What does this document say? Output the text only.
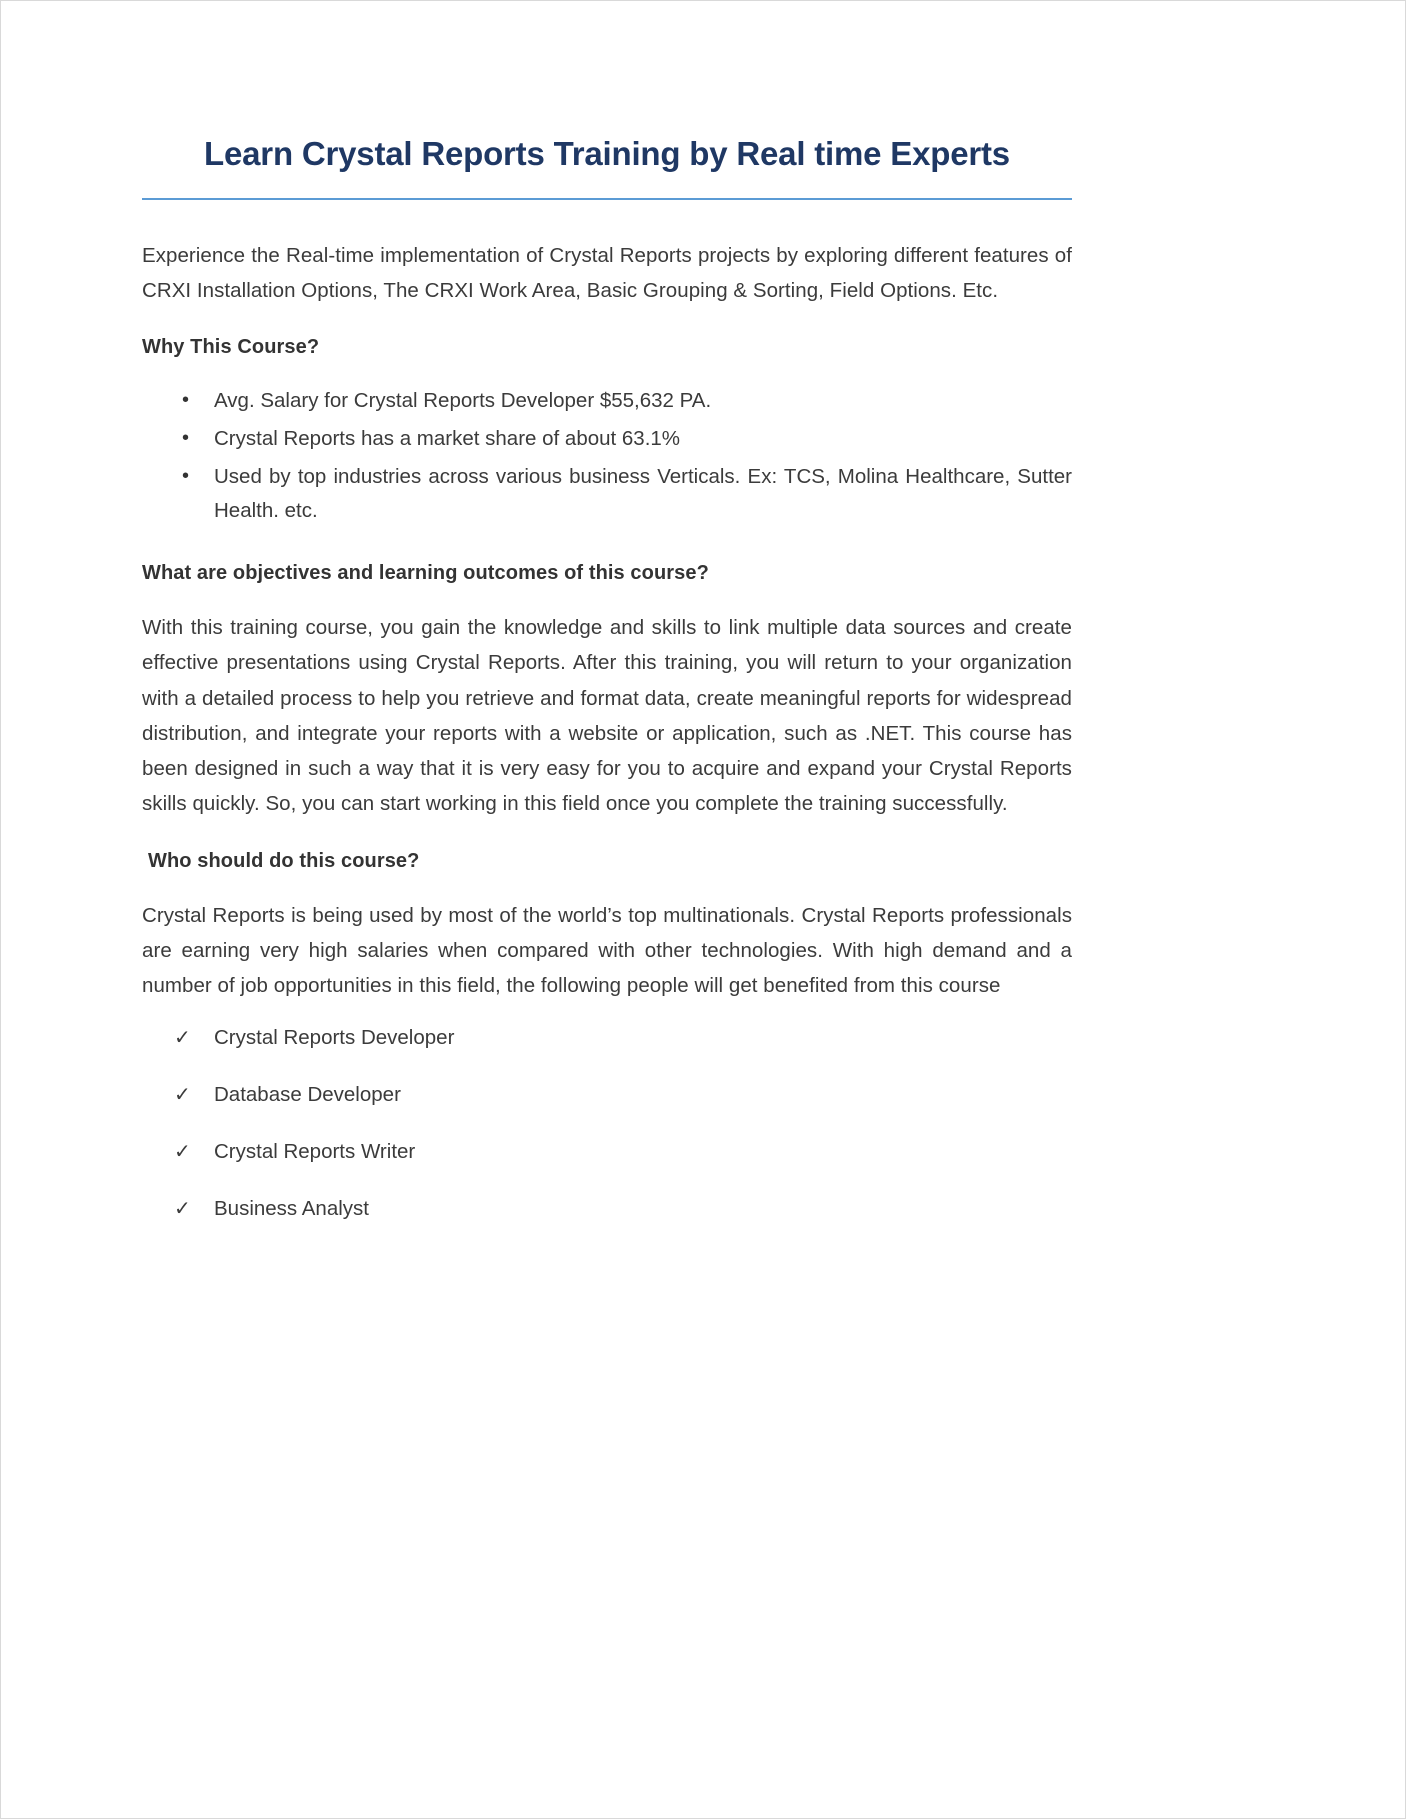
Learn Crystal Reports Training by Real time Experts

Experience the Real-time implementation of Crystal Reports projects by exploring different features of CRXI Installation Options, The CRXI Work Area, Basic Grouping & Sorting, Field Options. Etc.

Why This Course?
• Avg. Salary for Crystal Reports Developer $55,632 PA.
• Crystal Reports has a market share of about 63.1%
• Used by top industries across various business Verticals. Ex: TCS, Molina Healthcare, Sutter Health. etc.
What are objectives and learning outcomes of this course?

With this training course, you gain the knowledge and skills to link multiple data sources and create effective presentations using Crystal Reports. After this training, you will return to your organization with a detailed process to help you retrieve and format data, create meaningful reports for widespread distribution, and integrate your reports with a website or application, such as .NET. This course has been designed in such a way that it is very easy for you to acquire and expand your Crystal Reports skills quickly. So, you can start working in this field once you complete the training successfully.

Who should do this course?

Crystal Reports is being used by most of the world’s top multinationals. Crystal Reports professionals are earning very high salaries when compared with other technologies. With high demand and a number of job opportunities in this field, the following people will get benefited from this course

✓ Crystal Reports Developer
✓ Database Developer
✓ Crystal Reports Writer
✓ Business Analyst
